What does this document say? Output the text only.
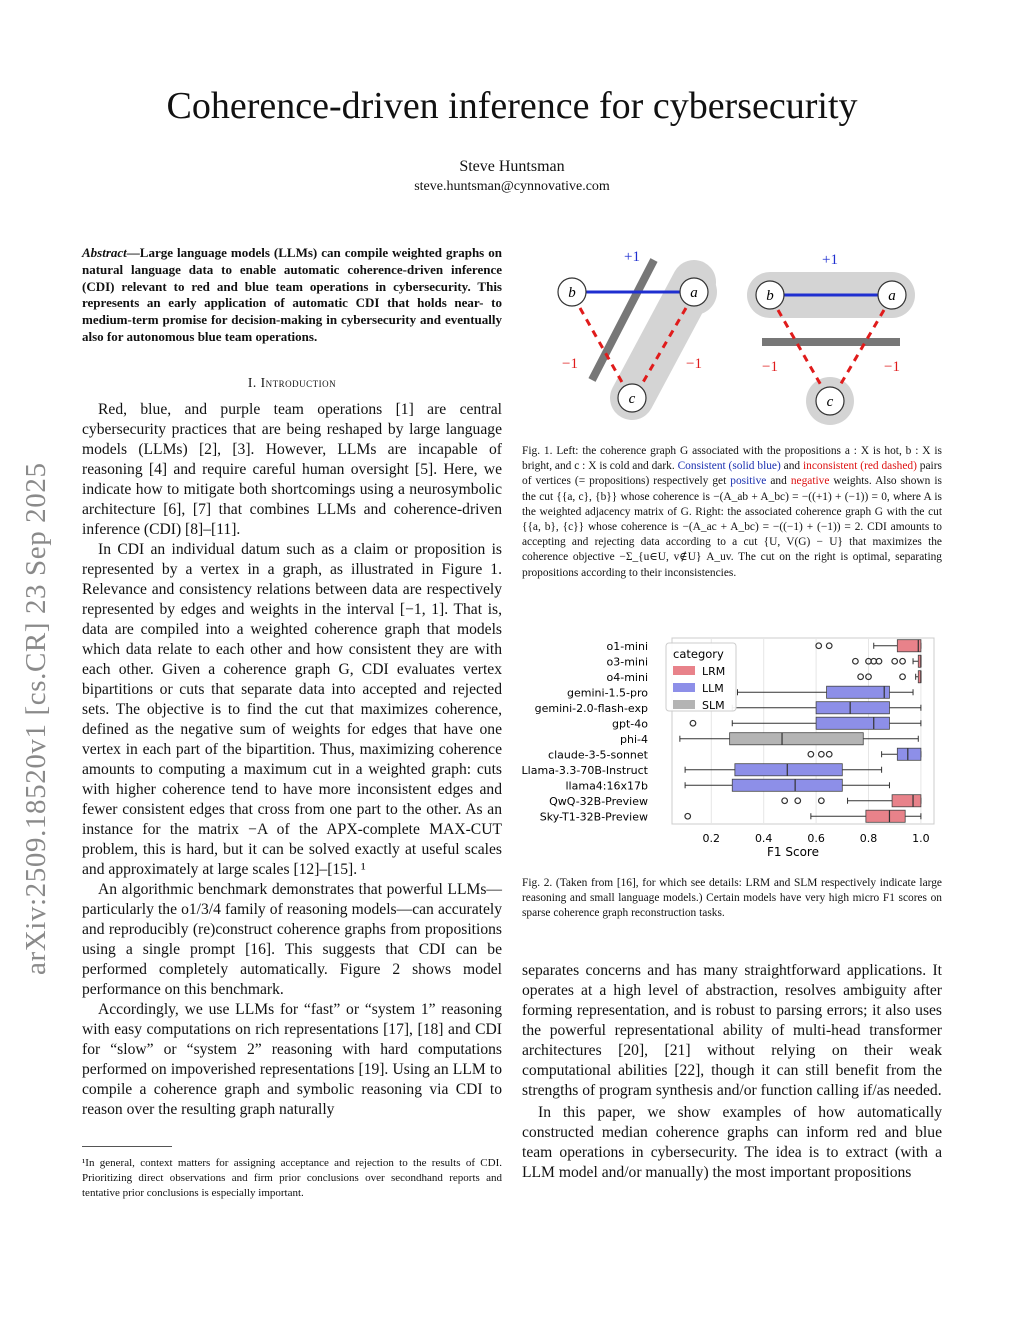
arXiv:2509.18520v1 [cs.CR] 23 Sep 2025
Coherence-driven inference for cybersecurity
Steve Huntsman
steve.huntsman@cynnovative.com
Abstract—Large language models (LLMs) can compile weighted graphs on natural language data to enable automatic coherence-driven inference (CDI) relevant to red and blue team operations in cybersecurity. This represents an early application of automatic CDI that holds near- to medium-term promise for decision-making in cybersecurity and eventually also for autonomous blue team operations.
I. Introduction

Red, blue, and purple team operations [1] are central cybersecurity practices that are being reshaped by large language models (LLMs) [2], [3]. However, LLMs are incapable of reasoning [4] and require careful human oversight [5]. Here, we indicate how to mitigate both shortcomings using a neurosymbolic architecture [6], [7] that combines LLMs and coherence-driven inference (CDI) [8]–[11].

In CDI an individual datum such as a claim or proposition is represented by a vertex in a graph, as illustrated in Figure 1. Relevance and consistency relations between data are respectively represented by edges and weights in the interval [−1, 1]. That is, data are compiled into a weighted coherence graph that models which data relate to each other and how consistent they are with each other. Given a coherence graph G, CDI evaluates vertex bipartitions or cuts that separate data into accepted and rejected sets. The objective is to find the cut that maximizes coherence, defined as the negative sum of weights for edges that have one vertex in each part of the bipartition. Thus, maximizing coherence amounts to computing a maximum cut in a weighted graph: cuts with higher coherence tend to have more inconsistent edges and fewer consistent edges that cross from one part to the other. As an instance for the matrix −A of the APX-complete MAX-CUT problem, this is hard, but it can be solved exactly at useful scales and approximately at large scales [12]–[15]. ¹

An algorithmic benchmark demonstrates that powerful LLMs—particularly the o1/3/4 family of reasoning models—can accurately and reproducibly (re)construct coherence graphs from propositions using a single prompt [16]. This suggests that CDI can be performed completely automatically. Figure 2 shows model performance on this benchmark.

Accordingly, we use LLMs for “fast” or “system 1” reasoning with easy computations on rich representations [17], [18] and CDI for “slow” or “system 2” reasoning with hard computations performed on impoverished representations [19]. Using an LLM to compile a coherence graph and symbolic reasoning via CDI to reason over the resulting graph naturally

¹In general, context matters for assigning acceptance and rejection to the results of CDI. Prioritizing direct observations and firm prior conclusions over secondhand reports and tentative prior conclusions is especially important.
b	a
c
+1
−1	−1
b	a
c
+1
−1	−1
Fig. 1. Left: the coherence graph G associated with the propositions a : X is hot, b : X is bright, and c : X is cold and dark. Consistent (solid blue) and inconsistent (red dashed) pairs of vertices (= propositions) respectively get positive and negative weights. Also shown is the cut {{a, c}, {b}} whose coherence is −(A_ab + A_bc) = −((+1) + (−1)) = 0, where A is the weighted adjacency matrix of G. Right: the associated coherence graph G with the cut {{a, b}, {c}} whose coherence is −(A_ac + A_bc) = −((−1) + (−1)) = 2. CDI amounts to accepting and rejecting data according to a cut {U, V(G) − U} that maximizes the coherence objective −Σ_{u∈U, v∉U} A_uv. The cut on the right is optimal, separating propositions according to their inconsistencies.
o1-mini
o3-mini
o4-mini
gemini-1.5-pro
gemini-2.0-flash-exp
gpt-4o
phi-4
claude-3-5-sonnet
Llama-3.3-70B-Instruct
llama4:16x17b
QwQ-32B-Preview
Sky-T1-32B-Preview
0.2	0.4	0.6	0.8	1.0
F1 Score
category
LRM
LLM
SLM
Fig. 2. (Taken from [16], for which see details: LRM and SLM respectively indicate large reasoning and small language models.) Certain models have very high micro F1 scores on sparse coherence graph reconstruction tasks.

separates concerns and has many straightforward applications. It operates at a high level of abstraction, resolves ambiguity after forming representation, and is robust to parsing errors; it also uses the powerful representational ability of multi-head transformer architectures [20], [21] without relying on their weak computational abilities [22], though it can still benefit from the strengths of program synthesis and/or function calling if/as needed.

In this paper, we show examples of how automatically constructed median coherence graphs can inform red and blue team operations in cybersecurity. The idea is to extract (with a LLM model and/or manually) the most important propositions
